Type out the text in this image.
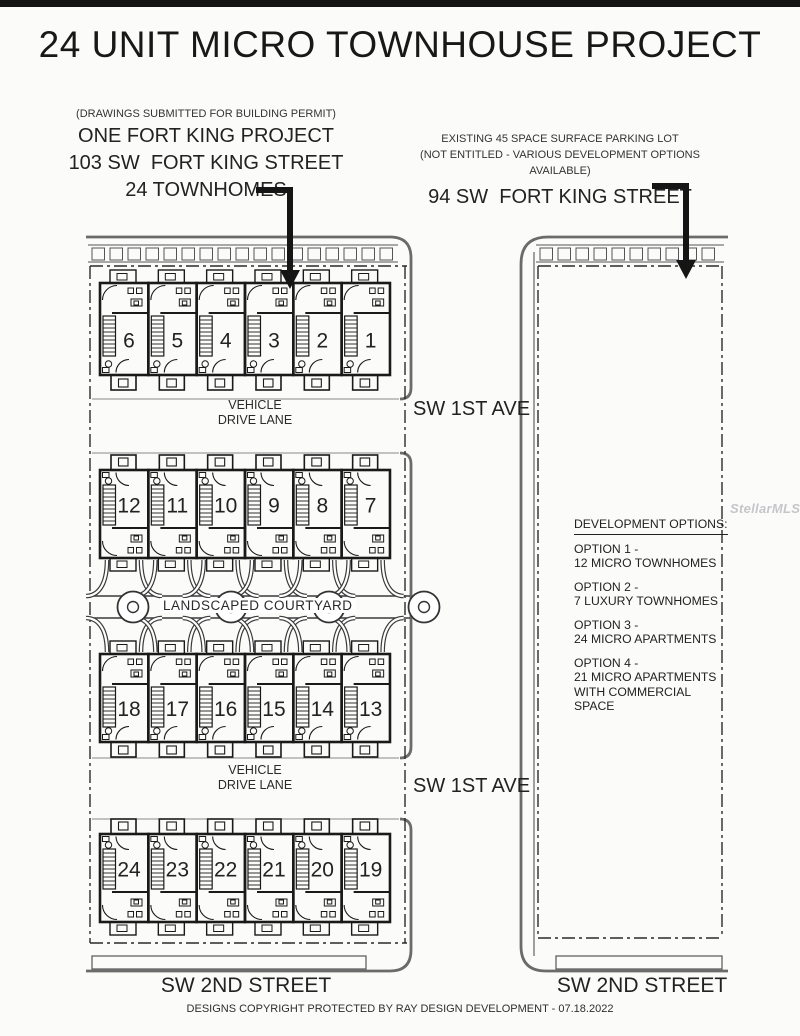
24 UNIT MICRO TOWNHOUSE PROJECT
(DRAWINGS SUBMITTED FOR BUILDING PERMIT)
ONE FORT KING PROJECT
103 SW  FORT KING STREET
24 TOWNHOMES
EXISTING 45 SPACE SURFACE PARKING LOT
(NOT ENTITLED - VARIOUS DEVELOPMENT OPTIONS AVAILABLE)
94 SW  FORT KING STREET
6 5 4 3 2 1
12 11 10 9 8 7
18 17 16 15 14 13
24 23 22 21 20 19
SW 1ST AVE
SW 1ST AVE
VEHICLE
DRIVE LANE
VEHICLE
DRIVE LANE
LANDSCAPED COURTYARD
DEVELOPMENT OPTIONS:
OPTION 1 -
12 MICRO TOWNHOMES
OPTION 2 -
7 LUXURY TOWNHOMES
OPTION 3 -
24 MICRO APARTMENTS
OPTION 4 -
21 MICRO APARTMENTS
WITH COMMERCIAL SPACE
SW 2ND STREET	SW 2ND STREET
DESIGNS COPYRIGHT PROTECTED BY RAY DESIGN DEVELOPMENT - 07.18.2022
StellarMLS
